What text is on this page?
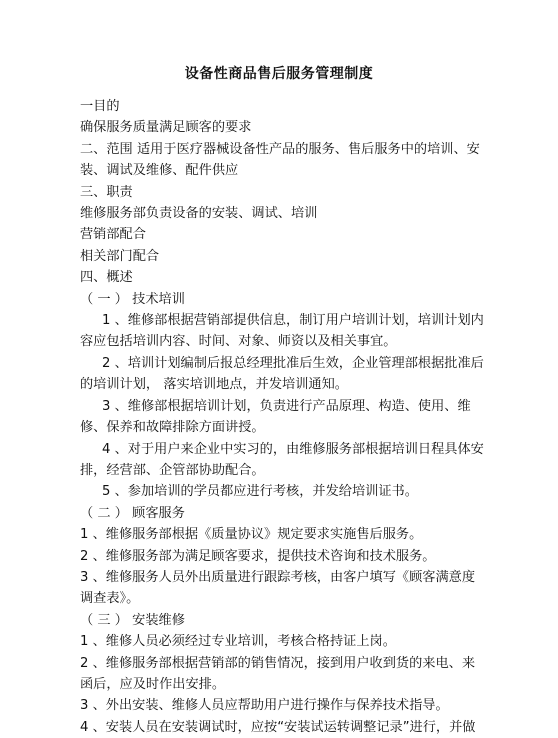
设备性商品售后服务管理制度

一目的

确保服务质量满足顾客的要求

二、范围 适用于医疗器械设备性产品的服务、售后服务中的培训、安装、调试及维修、配件供应

三、职责

维修服务部负责设备的安装、调试、培训

营销部配合

相关部门配合

四、概述

（ 一 ） 技术培训

1 、维修部根据营销部提供信息，制订用户培训计划，培训计划内容应包括培训内容、时间、对象、师资以及相关事宜。

2 、培训计划编制后报总经理批准后生效，企业管理部根据批准后的培训计划， 落实培训地点，并发培训通知。

3 、维修部根据培训计划，负责进行产品原理、构造、使用、维修、保养和故障排除方面讲授。

4 、对于用户来企业中实习的，由维修服务部根据培训日程具体安排，经营部、企管部协助配合。

5 、参加培训的学员都应进行考核，并发给培训证书。

（ 二 ） 顾客服务

1 、维修服务部根据《质量协议》规定要求实施售后服务。

2 、维修服务部为满足顾客要求，提供技术咨询和技术服务。

3 、维修服务人员外出质量进行跟踪考核，由客户填写《顾客满意度调查表》。

（ 三 ） 安装维修

1 、维修人员必须经过专业培训，考核合格持证上岗。

2 、维修服务部根据营销部的销售情况，接到用户收到货的来电、来函后，应及时作出安排。

3 、外出安装、维修人员应帮助用户进行操作与保养技术指导。

4 、安装人员在安装调试时，应按“安装试运转调整记录”进行，并做
